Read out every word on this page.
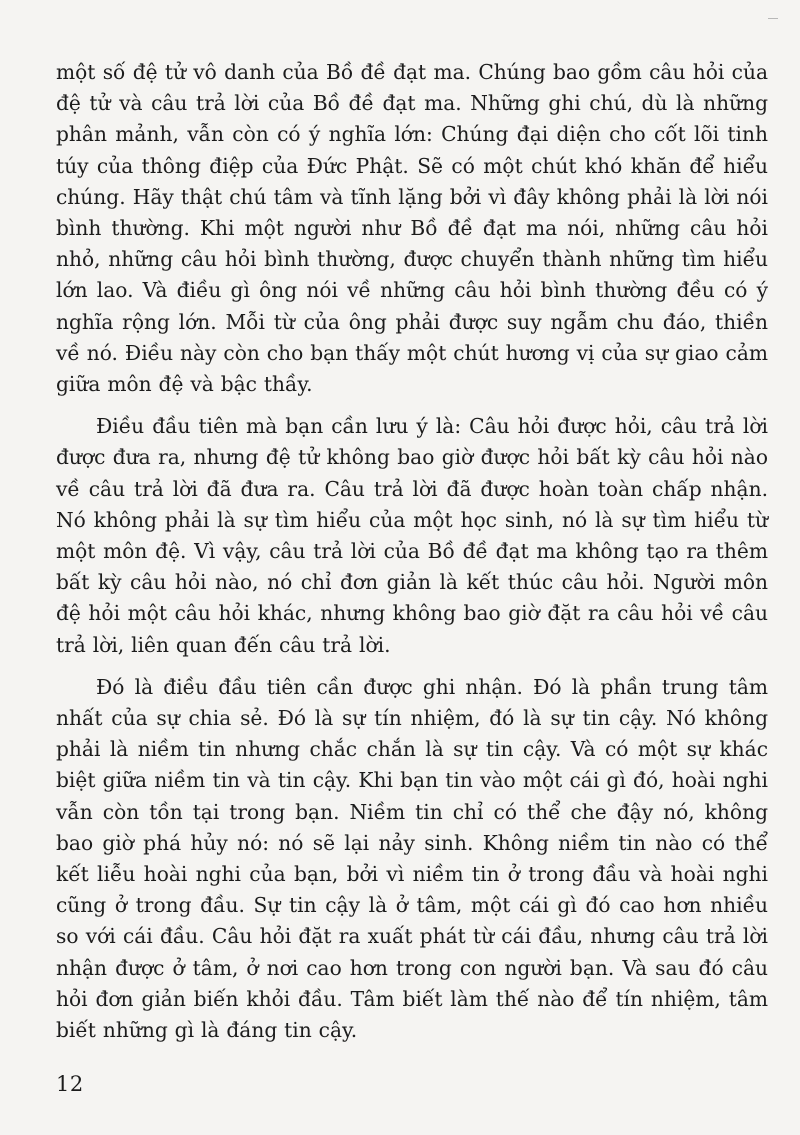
một số đệ tử vô danh của Bồ đề đạt ma. Chúng bao gồm câu hỏi của đệ tử và câu trả lời của Bồ đề đạt ma. Những ghi chú, dù là những phân mảnh, vẫn còn có ý nghĩa lớn: Chúng đại diện cho cốt lõi tinh túy của thông điệp của Đức Phật. Sẽ có một chút khó khăn để hiểu chúng. Hãy thật chú tâm và tĩnh lặng bởi vì đây không phải là lời nói bình thường. Khi một người như Bồ đề đạt ma nói, những câu hỏi nhỏ, những câu hỏi bình thường, được chuyển thành những tìm hiểu lớn lao. Và điều gì ông nói về những câu hỏi bình thường đều có ý nghĩa rộng lớn. Mỗi từ của ông phải được suy ngẫm chu đáo, thiền về nó. Điều này còn cho bạn thấy một chút hương vị của sự giao cảm giữa môn đệ và bậc thầy.

Điều đầu tiên mà bạn cần lưu ý là: Câu hỏi được hỏi, câu trả lời được đưa ra, nhưng đệ tử không bao giờ được hỏi bất kỳ câu hỏi nào về câu trả lời đã đưa ra. Câu trả lời đã được hoàn toàn chấp nhận. Nó không phải là sự tìm hiểu của một học sinh, nó là sự tìm hiểu từ một môn đệ. Vì vậy, câu trả lời của Bồ đề đạt ma không tạo ra thêm bất kỳ câu hỏi nào, nó chỉ đơn giản là kết thúc câu hỏi. Người môn đệ hỏi một câu hỏi khác, nhưng không bao giờ đặt ra câu hỏi về câu trả lời, liên quan đến câu trả lời.

Đó là điều đầu tiên cần được ghi nhận. Đó là phần trung tâm nhất của sự chia sẻ. Đó là sự tín nhiệm, đó là sự tin cậy. Nó không phải là niềm tin nhưng chắc chắn là sự tin cậy. Và có một sự khác biệt giữa niềm tin và tin cậy. Khi bạn tin vào một cái gì đó, hoài nghi vẫn còn tồn tại trong bạn. Niềm tin chỉ có thể che đậy nó, không bao giờ phá hủy nó: nó sẽ lại nảy sinh. Không niềm tin nào có thể kết liễu hoài nghi của bạn, bởi vì niềm tin ở trong đầu và hoài nghi cũng ở trong đầu. Sự tin cậy là ở tâm, một cái gì đó cao hơn nhiều so với cái đầu. Câu hỏi đặt ra xuất phát từ cái đầu, nhưng câu trả lời nhận được ở tâm, ở nơi cao hơn trong con người bạn. Và sau đó câu hỏi đơn giản biến khỏi đầu. Tâm biết làm thế nào để tín nhiệm, tâm biết những gì là đáng tin cậy.

12
